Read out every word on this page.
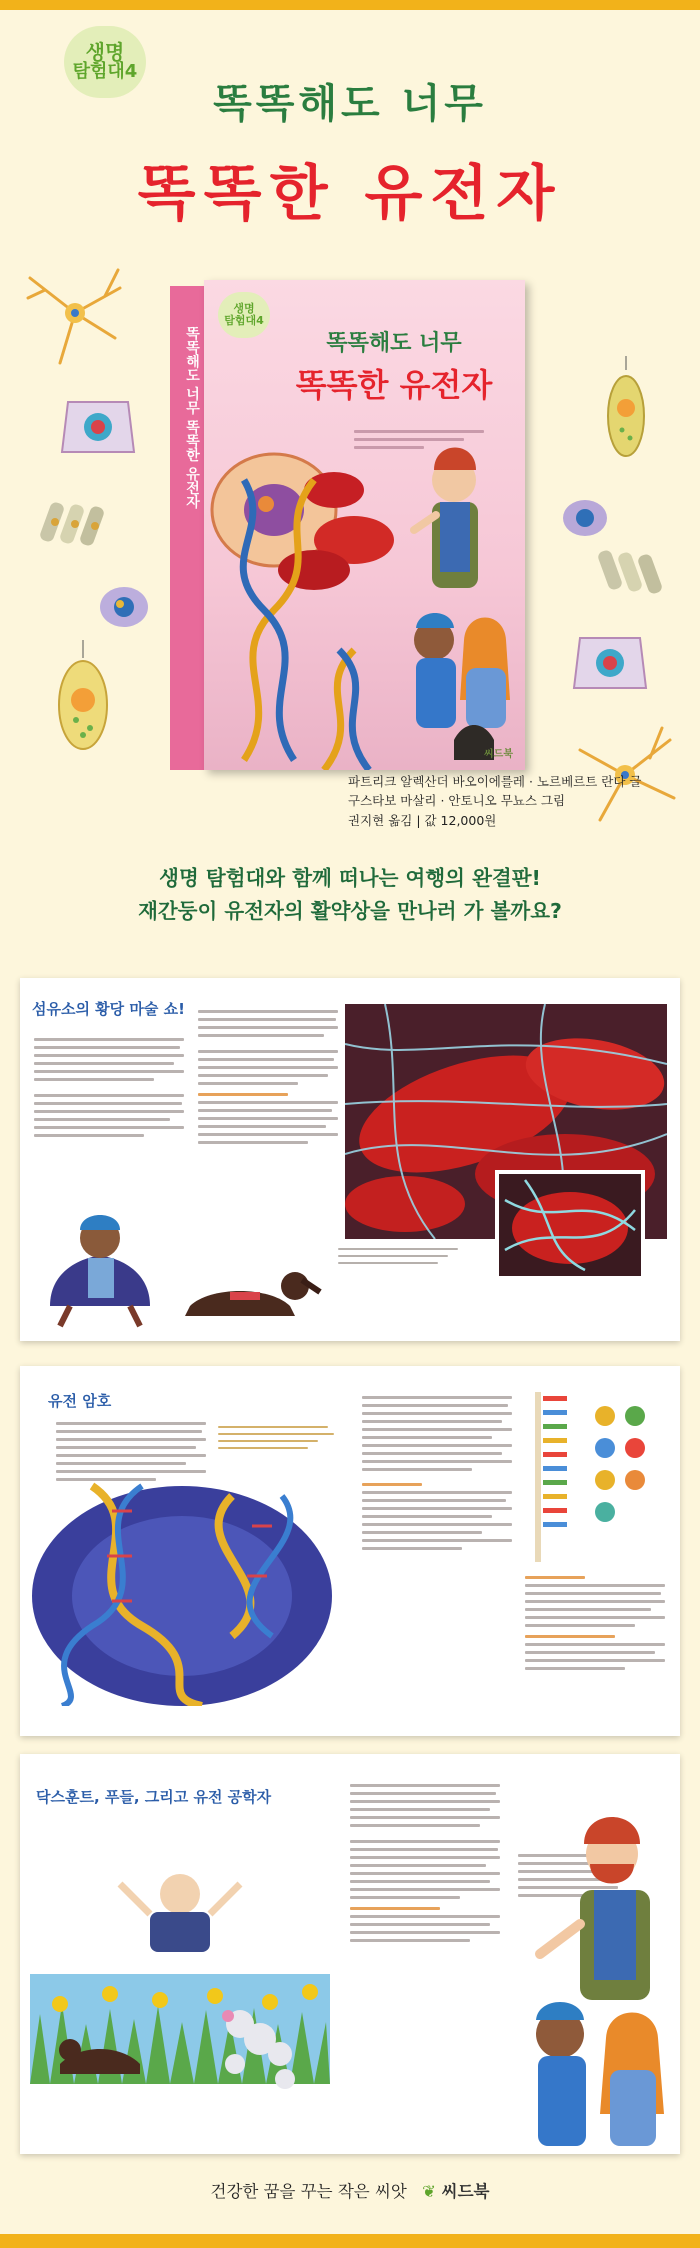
생명
탐험대4
똑똑해도 너무
똑똑한 유전자
똑똑해도 너무 똑똑한 유전자
생명
탐험대4
똑똑해도 너무
똑똑한 유전자
씨드북
파트리크 알렉산더 바오이에를레 · 노르베르트 란다 글
구스타보 마살리 · 안토니오 무뇨스 그림
권지현 옮김 | 값 12,000원
생명 탐험대와 함께 떠나는 여행의 완결판!
재간둥이 유전자의 활약상을 만나러 가 볼까요?
섬유소의 황당 마술 쇼!
유전 암호
닥스훈트, 푸들, 그리고 유전 공학자
건강한 꿈을 꾸는 작은 씨앗 ❦ 씨드북
